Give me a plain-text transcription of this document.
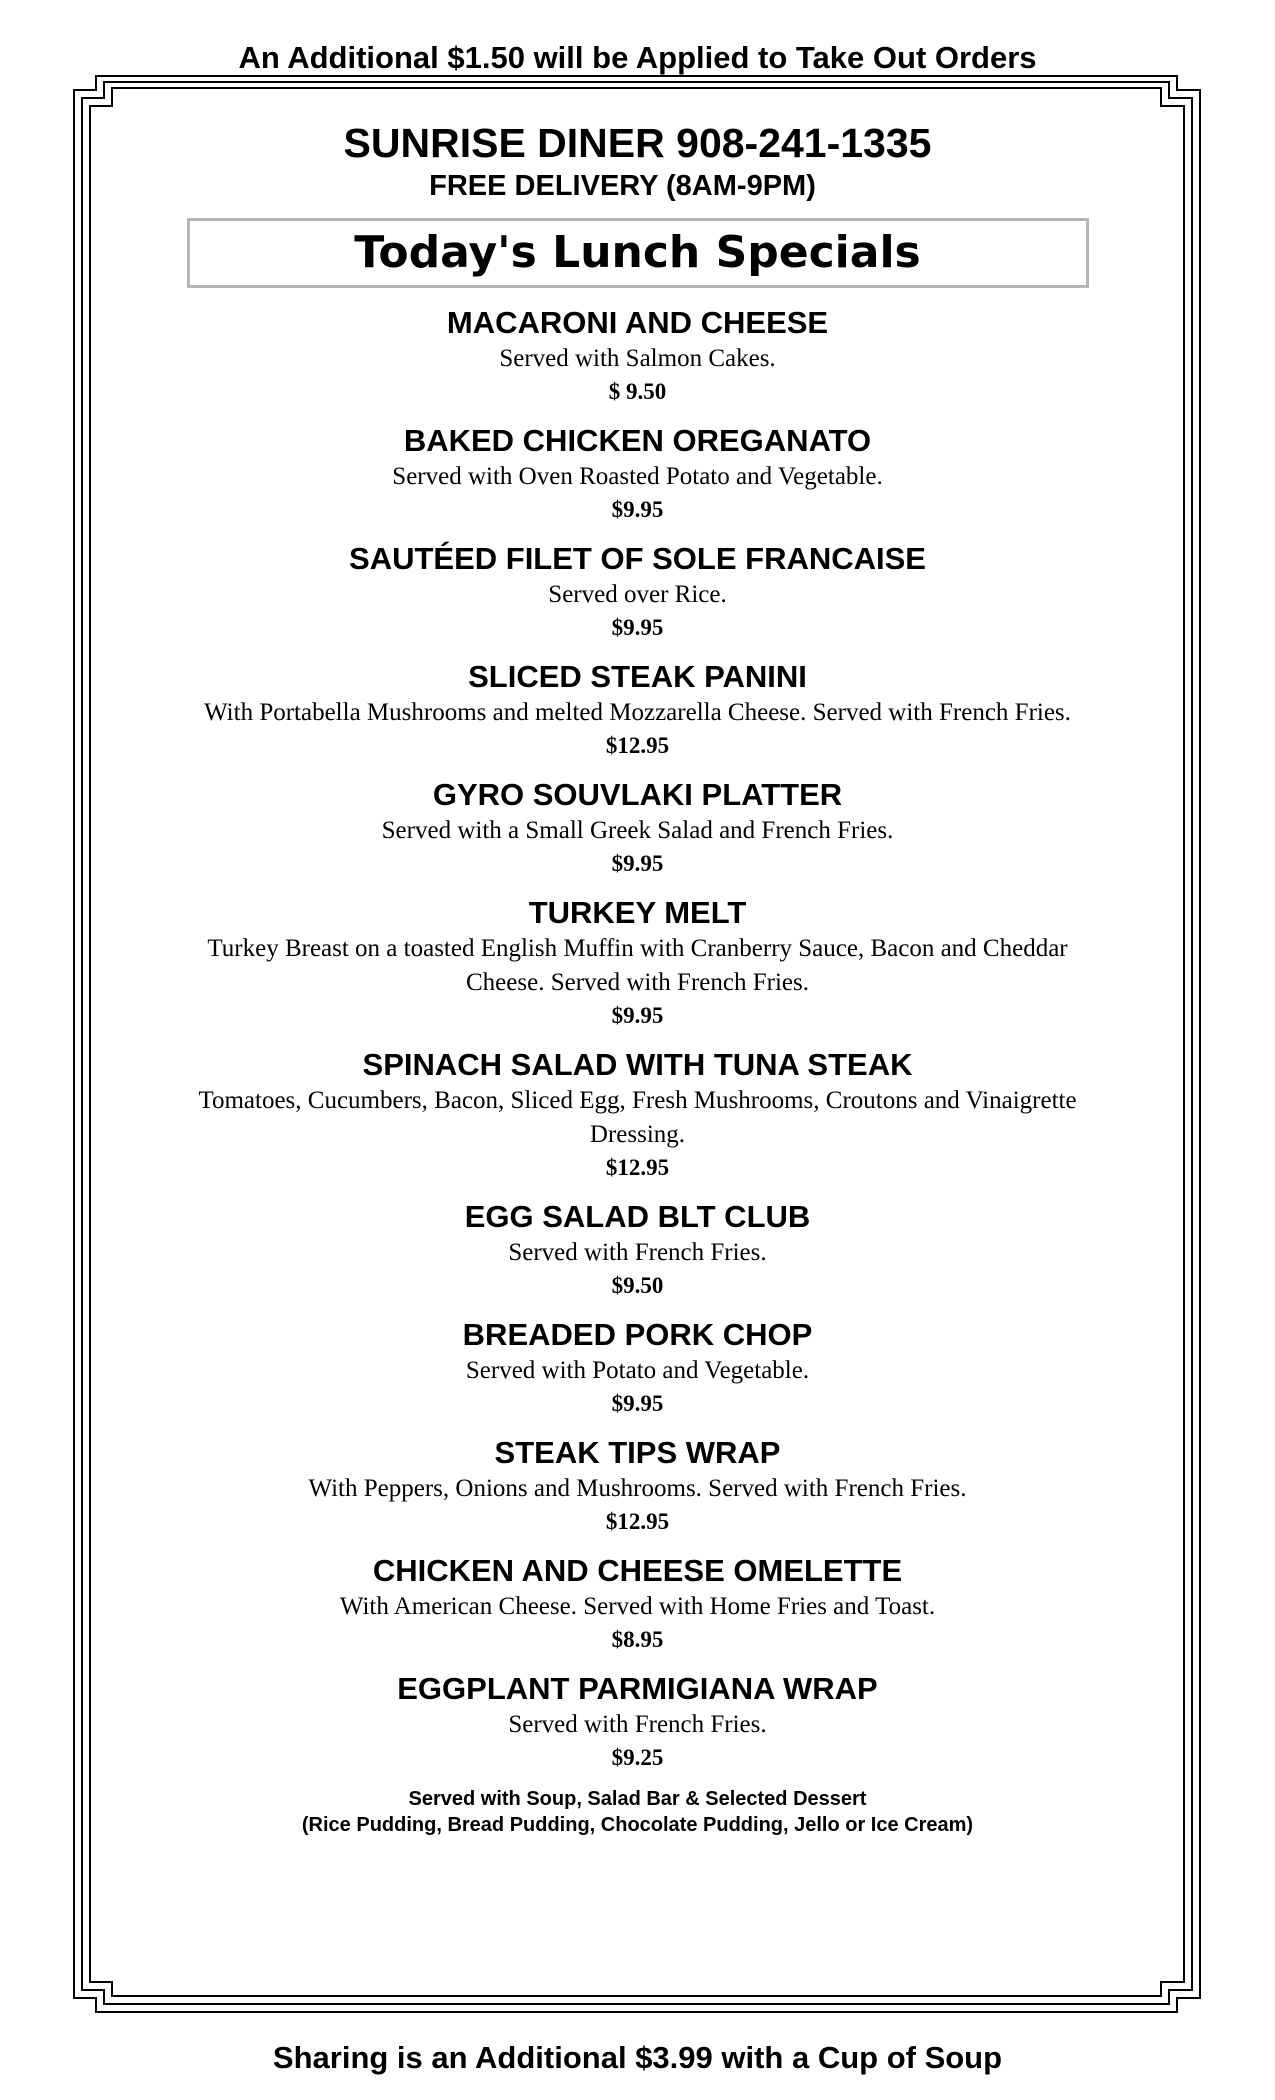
An Additional $1.50 will be Applied to Take Out Orders
SUNRISE DINER 908-241-1335
FREE DELIVERY (8AM-9PM)
Today's Lunch Specials
MACARONI AND CHEESE
Served with Salmon Cakes.
$ 9.50
BAKED CHICKEN OREGANATO
Served with Oven Roasted Potato and Vegetable.
$9.95
SAUTÉED FILET OF SOLE FRANCAISE
Served over Rice.
$9.95
SLICED STEAK PANINI
With Portabella Mushrooms and melted Mozzarella Cheese. Served with French Fries.
$12.95
GYRO SOUVLAKI PLATTER
Served with a Small Greek Salad and French Fries.
$9.95
TURKEY MELT
Turkey Breast on a toasted English Muffin with Cranberry Sauce, Bacon and Cheddar Cheese. Served with French Fries.
$9.95
SPINACH SALAD WITH TUNA STEAK
Tomatoes, Cucumbers, Bacon, Sliced Egg, Fresh Mushrooms, Croutons and Vinaigrette Dressing.
$12.95
EGG SALAD BLT CLUB
Served with French Fries.
$9.50
BREADED PORK CHOP
Served with Potato and Vegetable.
$9.95
STEAK TIPS WRAP
With Peppers, Onions and Mushrooms. Served with French Fries.
$12.95
CHICKEN AND CHEESE OMELETTE
With American Cheese. Served with Home Fries and Toast.
$8.95
EGGPLANT PARMIGIANA WRAP
Served with French Fries.
$9.25
Served with Soup, Salad Bar & Selected Dessert
(Rice Pudding, Bread Pudding, Chocolate Pudding, Jello or Ice Cream)
Sharing is an Additional $3.99 with a Cup of Soup
